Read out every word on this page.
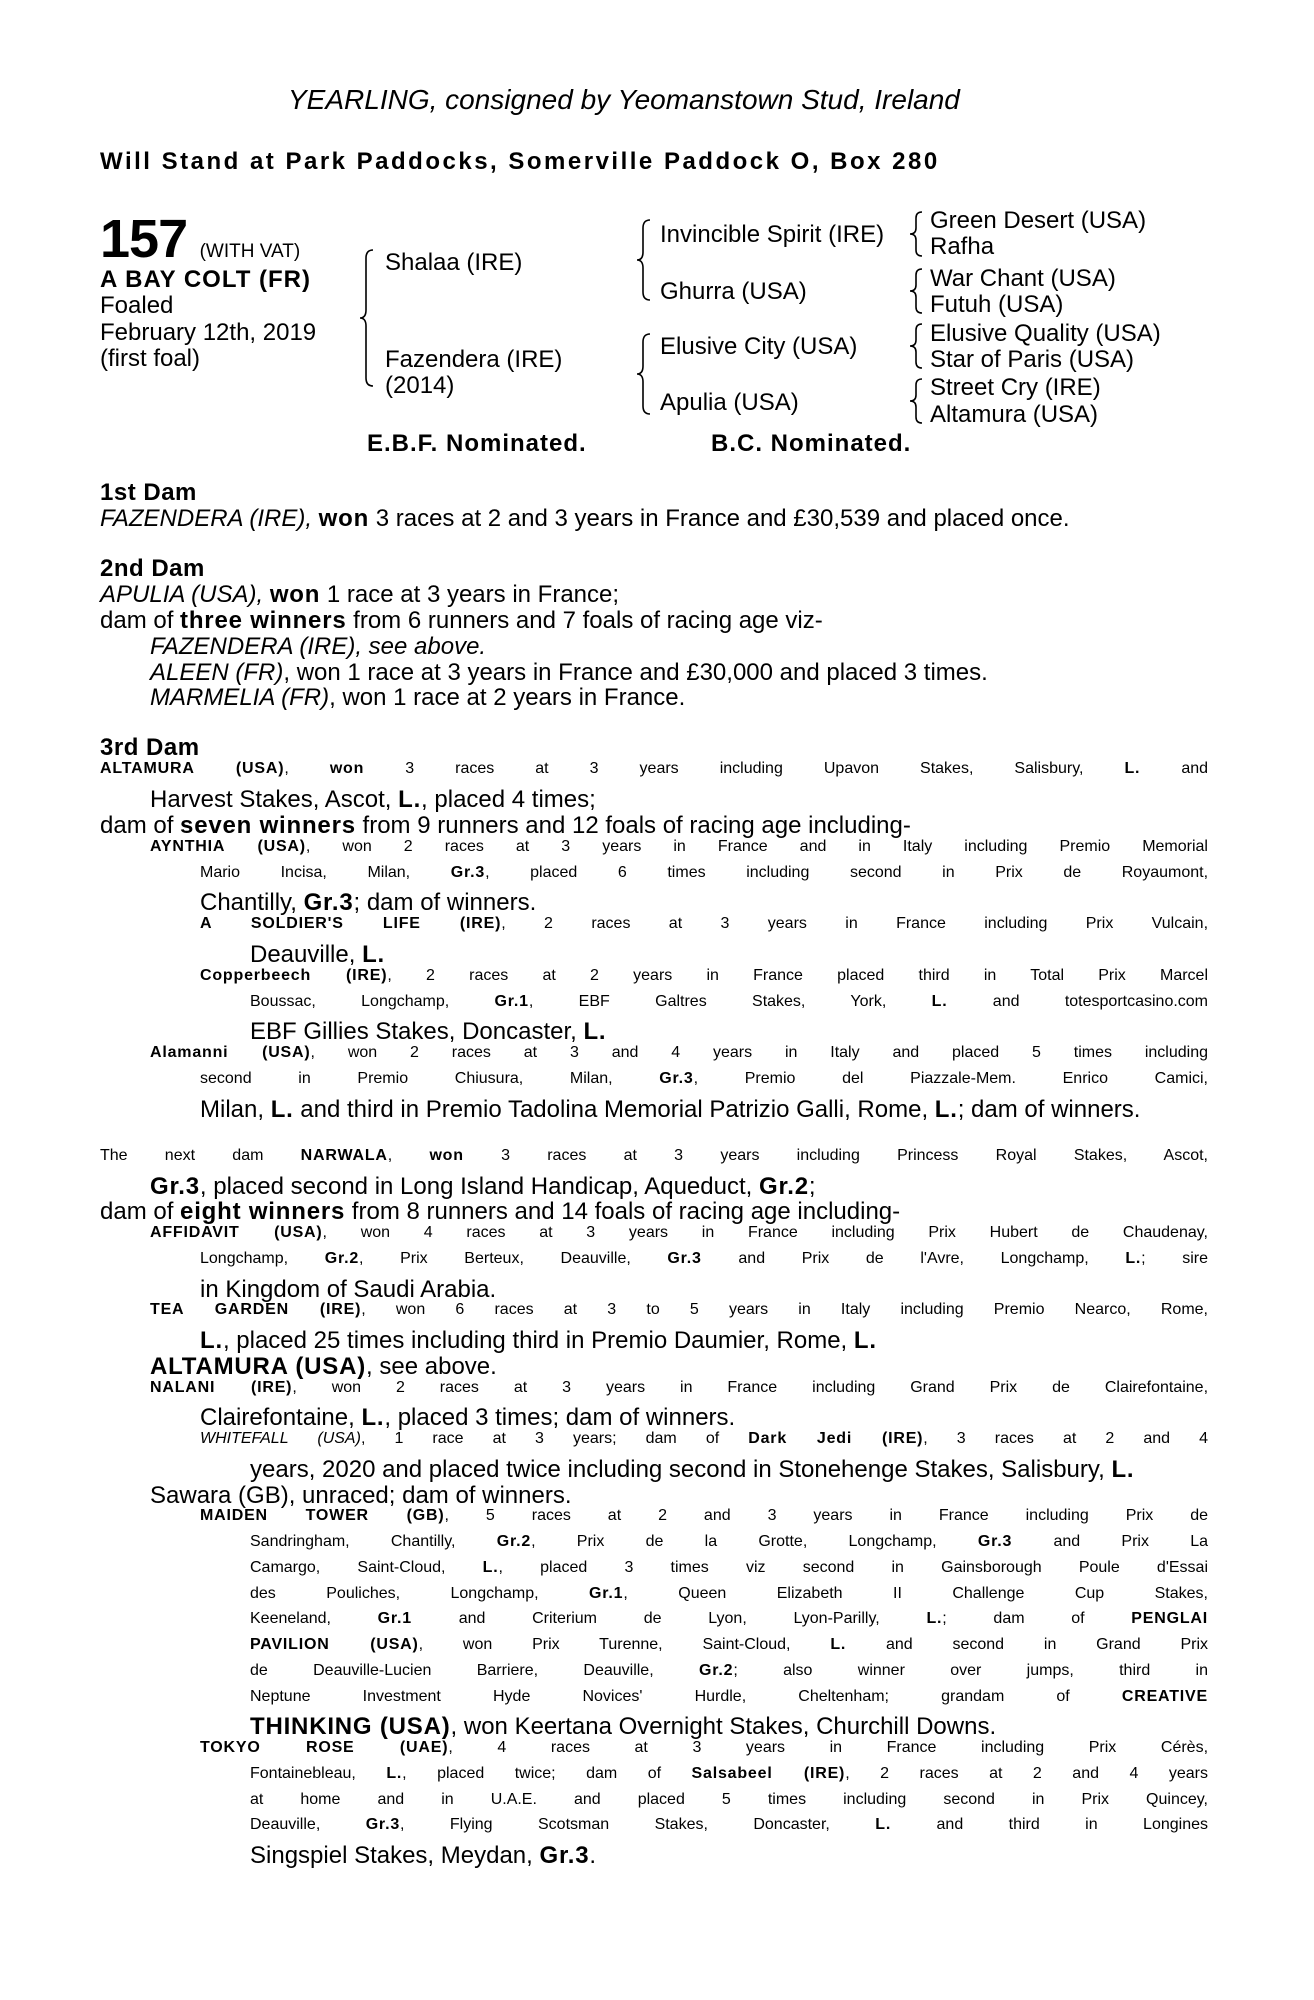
YEARLING, consigned by Yeomanstown Stud, Ireland
Will Stand at Park Paddocks, Somerville Paddock O, Box 280
157 (WITH VAT)
A BAY COLT (FR)
Foaled
February 12th, 2019
(first foal)
Shalaa (IRE)
Fazendera (IRE)
(2014)
Invincible Spirit (IRE)
Ghurra (USA)
Elusive City (USA)
Apulia (USA)
Green Desert (USA)
Rafha
War Chant (USA)
Futuh (USA)
Elusive Quality (USA)
Star of Paris (USA)
Street Cry (IRE)
Altamura (USA)
E.B.F. Nominated.	B.C. Nominated.
1st Dam
FAZENDERA (IRE), won 3 races at 2 and 3 years in France and £30,539 and placed once.
2nd Dam
APULIA (USA), won 1 race at 3 years in France;
dam of three winners from 6 runners and 7 foals of racing age viz-
FAZENDERA (IRE), see above.
ALEEN (FR), won 1 race at 3 years in France and £30,000 and placed 3 times.
MARMELIA (FR), won 1 race at 2 years in France.
3rd Dam
ALTAMURA (USA), won 3 races at 3 years including Upavon Stakes, Salisbury, L. and
Harvest Stakes, Ascot, L., placed 4 times;
dam of seven winners from 9 runners and 12 foals of racing age including-
AYNTHIA (USA), won 2 races at 3 years in France and in Italy including Premio Memorial
Mario Incisa, Milan, Gr.3, placed 6 times including second in Prix de Royaumont,
Chantilly, Gr.3; dam of winners.
A SOLDIER'S LIFE (IRE), 2 races at 3 years in France including Prix Vulcain,
Deauville, L.
Copperbeech (IRE), 2 races at 2 years in France placed third in Total Prix Marcel
Boussac, Longchamp, Gr.1, EBF Galtres Stakes, York, L. and totesportcasino.com
EBF Gillies Stakes, Doncaster, L.
Alamanni (USA), won 2 races at 3 and 4 years in Italy and placed 5 times including
second in Premio Chiusura, Milan, Gr.3, Premio del Piazzale-Mem. Enrico Camici,
Milan, L. and third in Premio Tadolina Memorial Patrizio Galli, Rome, L.; dam of winners.
The next dam NARWALA, won 3 races at 3 years including Princess Royal Stakes, Ascot,
Gr.3, placed second in Long Island Handicap, Aqueduct, Gr.2;
dam of eight winners from 8 runners and 14 foals of racing age including-
AFFIDAVIT (USA), won 4 races at 3 years in France including Prix Hubert de Chaudenay,
Longchamp, Gr.2, Prix Berteux, Deauville, Gr.3 and Prix de l'Avre, Longchamp, L.; sire
in Kingdom of Saudi Arabia.
TEA GARDEN (IRE), won 6 races at 3 to 5 years in Italy including Premio Nearco, Rome,
L., placed 25 times including third in Premio Daumier, Rome, L.
ALTAMURA (USA), see above.
NALANI (IRE), won 2 races at 3 years in France including Grand Prix de Clairefontaine,
Clairefontaine, L., placed 3 times; dam of winners.
WHITEFALL (USA), 1 race at 3 years; dam of Dark Jedi (IRE), 3 races at 2 and 4
years, 2020 and placed twice including second in Stonehenge Stakes, Salisbury, L.
Sawara (GB), unraced; dam of winners.
MAIDEN TOWER (GB), 5 races at 2 and 3 years in France including Prix de
Sandringham, Chantilly, Gr.2, Prix de la Grotte, Longchamp, Gr.3 and Prix La
Camargo, Saint-Cloud, L., placed 3 times viz second in Gainsborough Poule d'Essai
des Pouliches, Longchamp, Gr.1, Queen Elizabeth II Challenge Cup Stakes,
Keeneland, Gr.1 and Criterium de Lyon, Lyon-Parilly, L.; dam of PENGLAI
PAVILION (USA), won Prix Turenne, Saint-Cloud, L. and second in Grand Prix
de Deauville-Lucien Barriere, Deauville, Gr.2; also winner over jumps, third in
Neptune Investment Hyde Novices' Hurdle, Cheltenham; grandam of CREATIVE
THINKING (USA), won Keertana Overnight Stakes, Churchill Downs.
TOKYO ROSE (UAE), 4 races at 3 years in France including Prix Cérès,
Fontainebleau, L., placed twice; dam of Salsabeel (IRE), 2 races at 2 and 4 years
at home and in U.A.E. and placed 5 times including second in Prix Quincey,
Deauville, Gr.3, Flying Scotsman Stakes, Doncaster, L. and third in Longines
Singspiel Stakes, Meydan, Gr.3.
